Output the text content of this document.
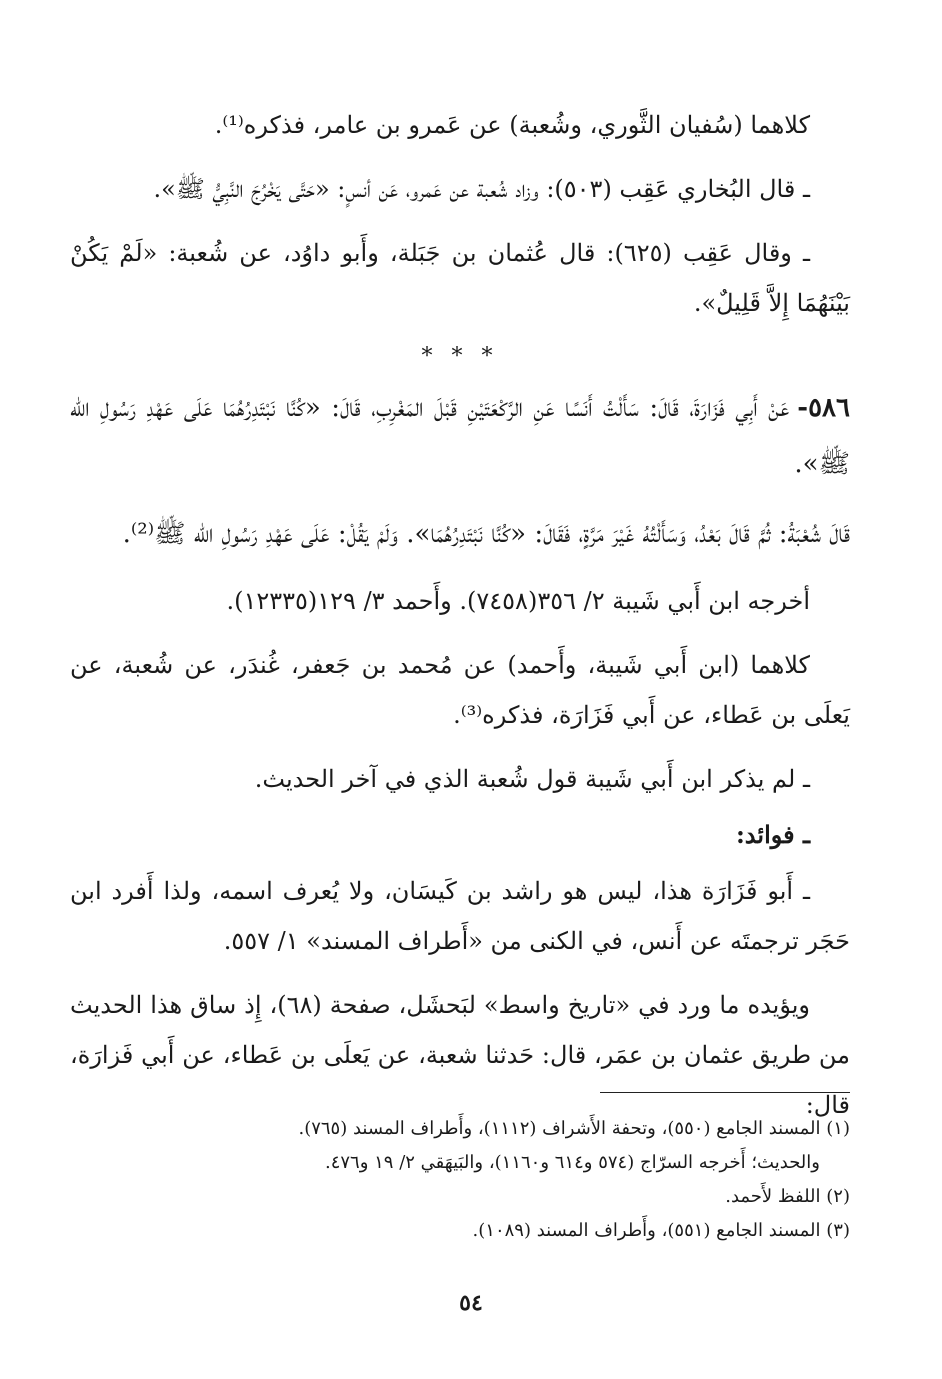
كلاهما (سُفيان الثَّوري، وشُعبة) عن عَمرو بن عامر، فذكره⁽¹⁾.

ـ قال البُخاري عَقِب (٥٠٣): وزاد شُعبة عن عَمرو، عَن أنسٍ: «حَتَّى يَخْرُجَ النَّبِيُّ ﷺ».

ـ وقال عَقِب (٦٢٥): قال عُثمان بن جَبَلة، وأَبو داوُد، عن شُعبة: «لَمْ يَكُنْ بَيْنَهُمَا إِلاَّ قَلِيلٌ».

* * *

٥٨٦-عَنْ أَبِي فَزَارَةَ، قَالَ: سَأَلْتُ أَنَسًا عَنِ الرَّكْعَتَيْنِ قَبْلَ المَغْرِبِ، قَالَ: «كُنَّا نَبْتَدِرُهُمَا عَلَى عَهْدِ رَسُولِ الله ﷺ».

قَالَ شُعْبَةُ: ثُمَّ قَالَ بَعْدُ، وَسَأَلْتُهُ غَيْرَ مَرَّةٍ، فَقَالَ: «كُنَّا نَبْتَدِرُهُمَا». وَلَمْ يَقُلْ: عَلَى عَهْدِ رَسُولِ الله ﷺ⁽²⁾.

أخرجه ابن أَبي شَيبة ٢/ ٣٥٦(٧٤٥٨). وأَحمد ٣/ ١٢٩(١٢٣٣٥).

كلاهما (ابن أَبي شَيبة، وأَحمد) عن مُحمد بن جَعفر، غُندَر، عن شُعبة، عن يَعلَى بن عَطاء، عن أَبي فَزَارَة، فذكره⁽³⁾.

ـ لم يذكر ابن أَبي شَيبة قول شُعبة الذي في آخر الحديث.

ـ فوائد:

ـ أَبو فَزَارَة هذا، ليس هو راشد بن كَيسَان، ولا يُعرف اسمه، ولذا أَفرد ابن حَجَر ترجمتَه عن أَنس، في الكنى من «أَطراف المسند» ١/ ٥٥٧.

ويؤيده ما ورد في «تاريخ واسط» لبَحشَل، صفحة (٦٨)، إِذ ساق هذا الحديث من طريق عثمان بن عمَر، قال: حَدثنا شعبة، عن يَعلَى بن عَطاء، عن أَبي فَزارَة، قال:

(١) المسند الجامع (٥٥٠)، وتحفة الأَشراف (١١١٢)، وأَطراف المسند (٧٦٥).

والحديث؛ أَخرجه السرّاج (٥٧٤ و٦١٤ و١١٦٠)، والبَيهَقي ٢/ ١٩ و٤٧٦.

(٢) اللفظ لأَحمد.

(٣) المسند الجامع (٥٥١)، وأَطراف المسند (١٠٨٩).

٥٤
